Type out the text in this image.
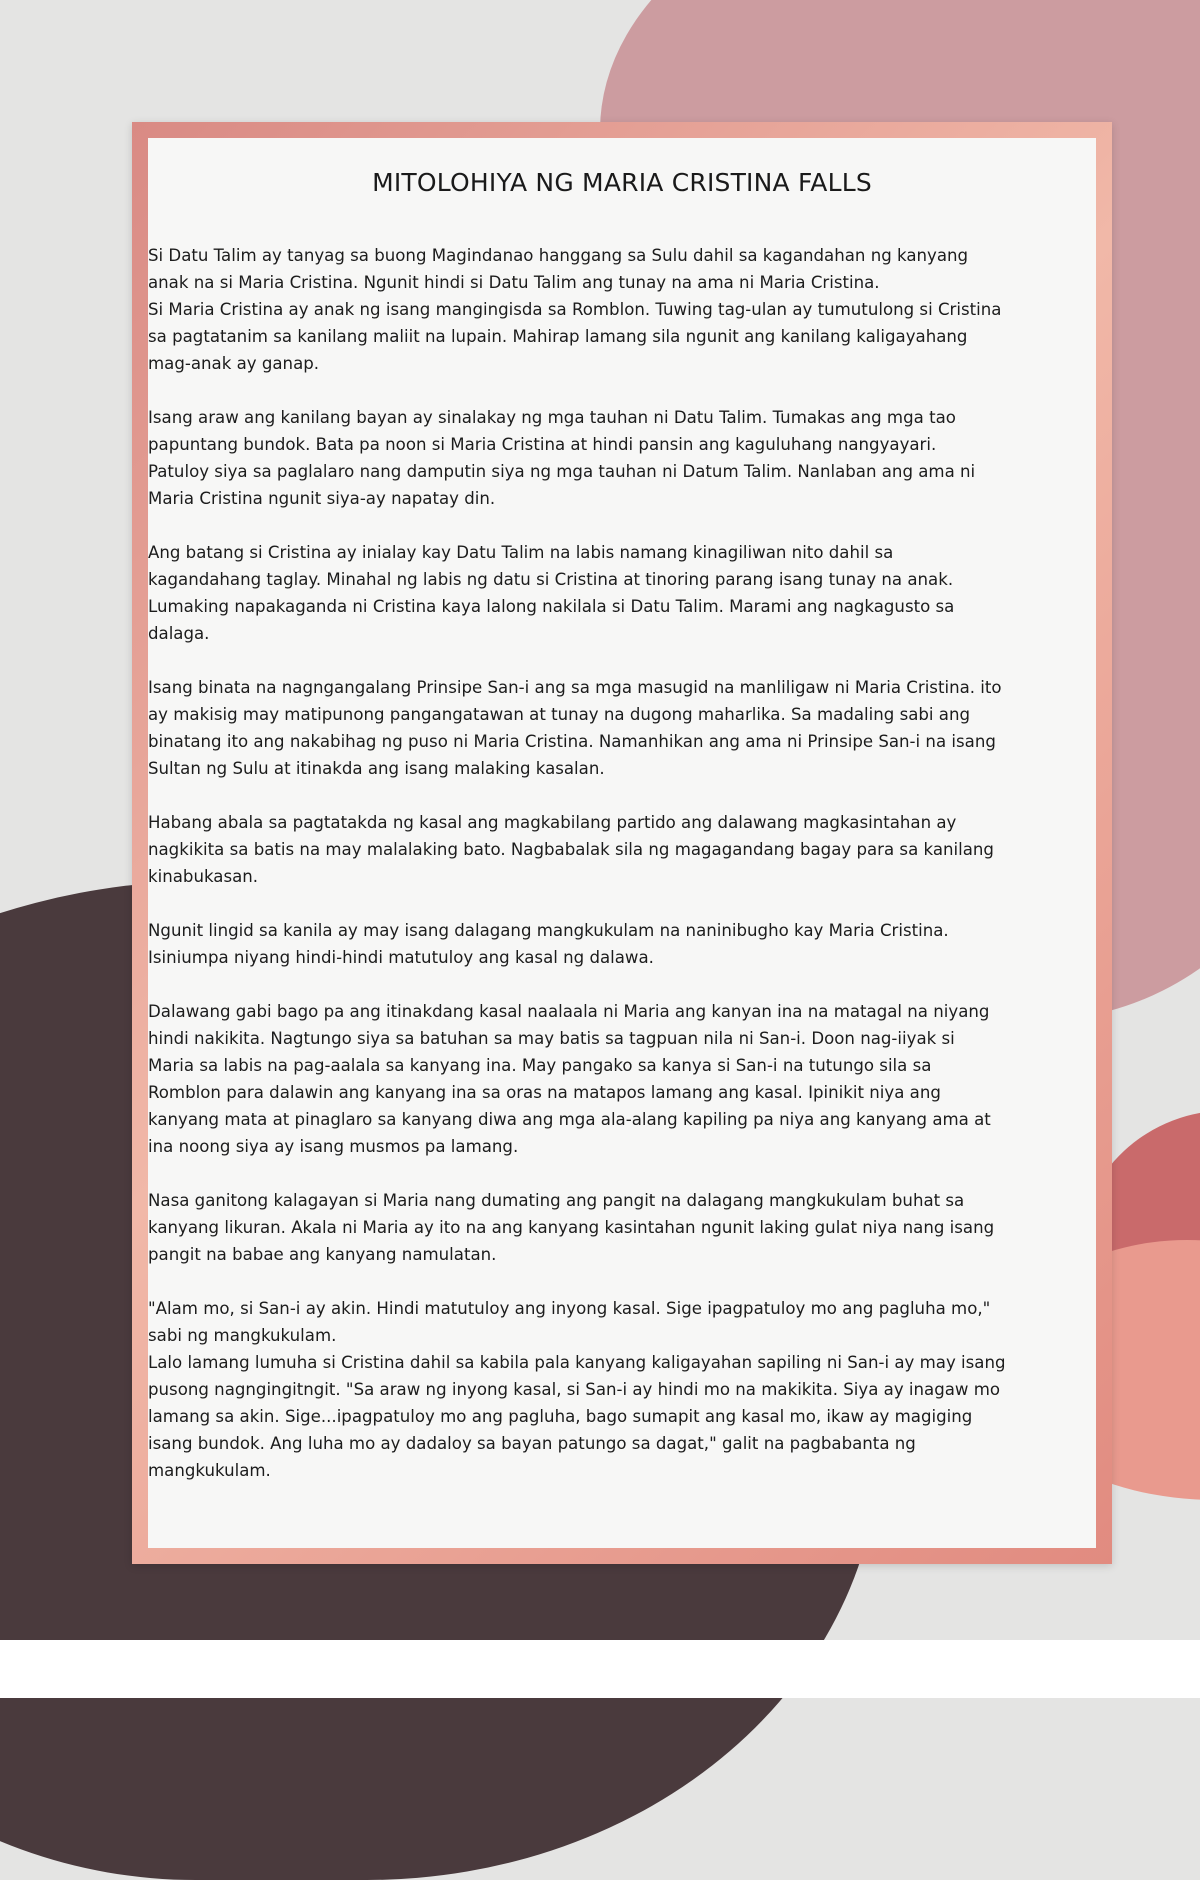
MITOLOHIYA NG MARIA CRISTINA FALLS

Si Datu Talim ay tanyag sa buong Magindanao hanggang sa Sulu dahil sa kagandahan ng kanyang
anak na si Maria Cristina. Ngunit hindi si Datu Talim ang tunay na ama ni Maria Cristina.
Si Maria Cristina ay anak ng isang mangingisda sa Romblon. Tuwing tag-ulan ay tumutulong si Cristina
sa pagtatanim sa kanilang maliit na lupain. Mahirap lamang sila ngunit ang kanilang kaligayahang
mag-anak ay ganap.

Isang araw ang kanilang bayan ay sinalakay ng mga tauhan ni Datu Talim. Tumakas ang mga tao
papuntang bundok. Bata pa noon si Maria Cristina at hindi pansin ang kaguluhang nangyayari.
Patuloy siya sa paglalaro nang damputin siya ng mga tauhan ni Datum Talim. Nanlaban ang ama ni
Maria Cristina ngunit siya-ay napatay din.

Ang batang si Cristina ay inialay kay Datu Talim na labis namang kinagiliwan nito dahil sa
kagandahang taglay. Minahal ng labis ng datu si Cristina at tinoring parang isang tunay na anak.
Lumaking napakaganda ni Cristina kaya lalong nakilala si Datu Talim. Marami ang nagkagusto sa
dalaga.

Isang binata na nagngangalang Prinsipe San-i ang sa mga masugid na manliligaw ni Maria Cristina. ito
ay makisig may matipunong pangangatawan at tunay na dugong maharlika. Sa madaling sabi ang
binatang ito ang nakabihag ng puso ni Maria Cristina. Namanhikan ang ama ni Prinsipe San-i na isang
Sultan ng Sulu at itinakda ang isang malaking kasalan.

Habang abala sa pagtatakda ng kasal ang magkabilang partido ang dalawang magkasintahan ay
nagkikita sa batis na may malalaking bato. Nagbabalak sila ng magagandang bagay para sa kanilang
kinabukasan.

Ngunit lingid sa kanila ay may isang dalagang mangkukulam na naninibugho kay Maria Cristina.
Isiniumpa niyang hindi-hindi matutuloy ang kasal ng dalawa.

Dalawang gabi bago pa ang itinakdang kasal naalaala ni Maria ang kanyan ina na matagal na niyang
hindi nakikita. Nagtungo siya sa batuhan sa may batis sa tagpuan nila ni San-i. Doon nag-iiyak si
Maria sa labis na pag-aalala sa kanyang ina. May pangako sa kanya si San-i na tutungo sila sa
Romblon para dalawin ang kanyang ina sa oras na matapos lamang ang kasal. Ipinikit niya ang
kanyang mata at pinaglaro sa kanyang diwa ang mga ala-alang kapiling pa niya ang kanyang ama at
ina noong siya ay isang musmos pa lamang.

Nasa ganitong kalagayan si Maria nang dumating ang pangit na dalagang mangkukulam buhat sa
kanyang likuran. Akala ni Maria ay ito na ang kanyang kasintahan ngunit laking gulat niya nang isang
pangit na babae ang kanyang namulatan.

"Alam mo, si San-i ay akin. Hindi matutuloy ang inyong kasal. Sige ipagpatuloy mo ang pagluha mo,"
sabi ng mangkukulam.
Lalo lamang lumuha si Cristina dahil sa kabila pala kanyang kaligayahan sapiling ni San-i ay may isang
pusong nagngingitngit. "Sa araw ng inyong kasal, si San-i ay hindi mo na makikita. Siya ay inagaw mo
lamang sa akin. Sige...ipagpatuloy mo ang pagluha, bago sumapit ang kasal mo, ikaw ay magiging
isang bundok. Ang luha mo ay dadaloy sa bayan patungo sa dagat," galit na pagbabanta ng
mangkukulam.
